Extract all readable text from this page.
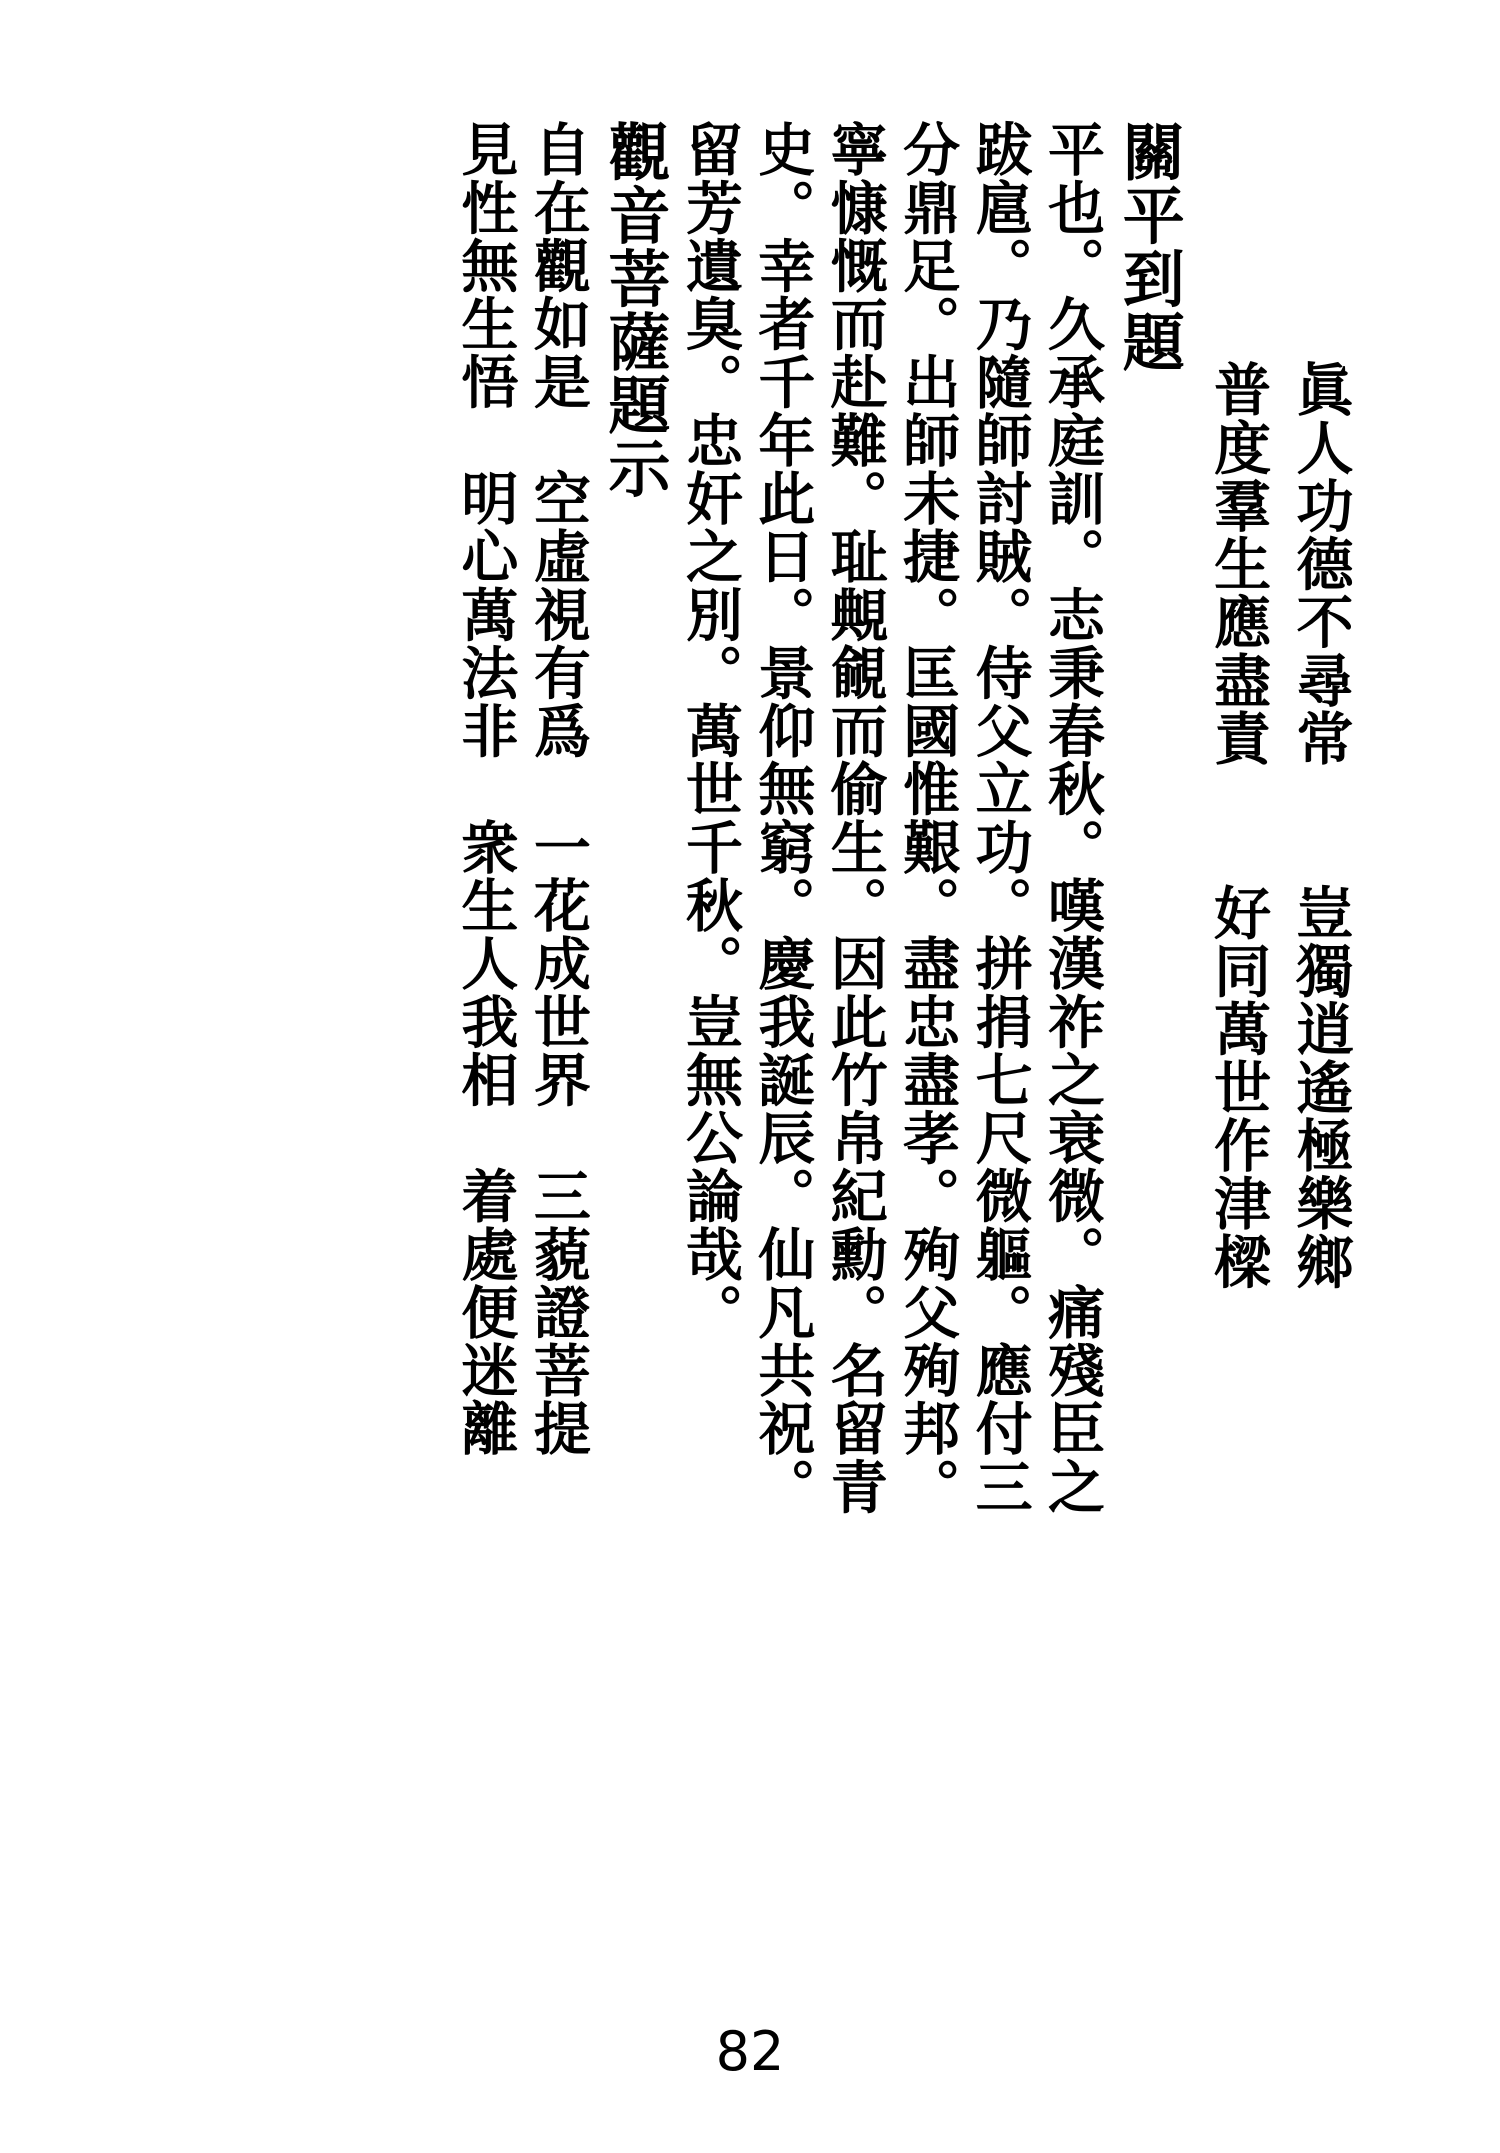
眞人功德不尋常　　豈獨逍遙極樂鄉
普度羣生應盡責　　好同萬世作津樑
關平到題
平也。久承庭訓。志秉春秋。嘆漢祚之衰微。痛殘臣之
跋扈。乃隨師討賊。侍父立功。拼捐七尺微軀。應付三
分鼎足。出師未捷。匡國惟艱。盡忠盡孝。殉父殉邦。
寧慷慨而赴難。耻覥覦而偷生。因此竹帛紀勳。名留青
史。幸者千年此日。景仰無窮。慶我誕辰。仙凡共祝。
留芳遺臭。忠奸之別。萬世千秋。豈無公論哉。
觀音菩薩題示
自在觀如是　空虛視有爲　一花成世界　三藐證菩提
見性無生悟　明心萬法非　衆生人我相　着處便迷離
82
